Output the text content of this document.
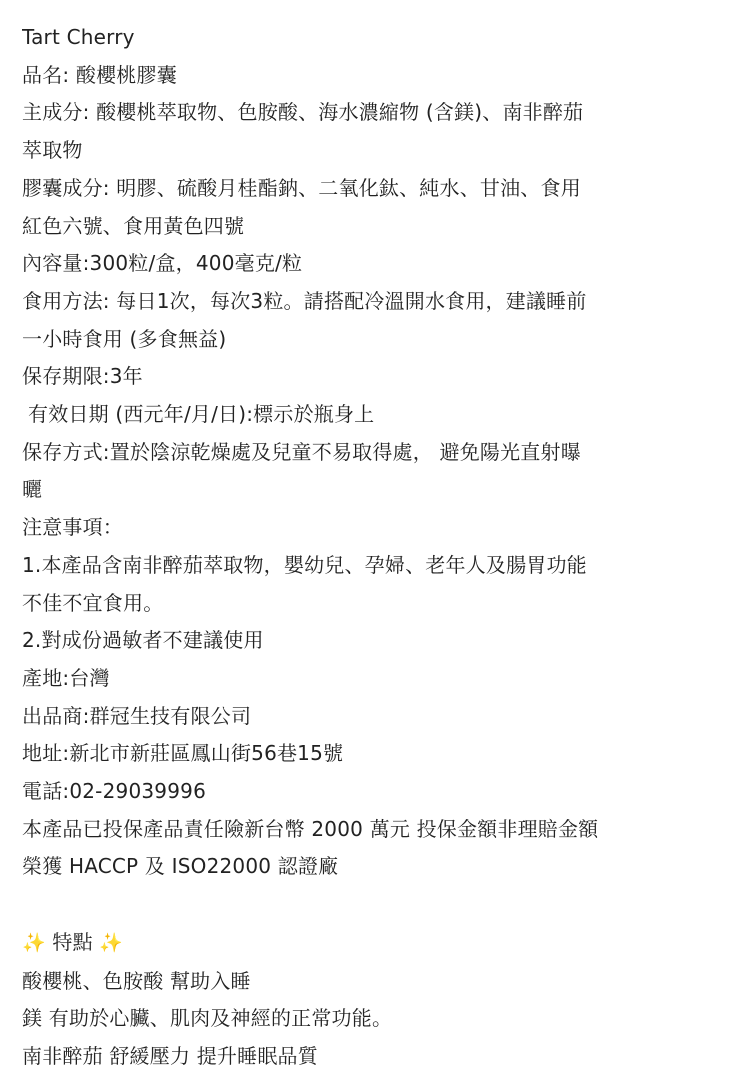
Tart Cherry
品名: 酸櫻桃膠囊
主成分: 酸櫻桃萃取物、色胺酸、海水濃縮物 (含鎂)、南非醉茄
萃取物
膠囊成分: 明膠、硫酸月桂酯鈉、二氧化鈦、純水、甘油、食用
紅色六號、食用黃色四號
內容量:300粒/盒，400毫克/粒
食用方法: 每日1次，每次3粒。請搭配冷溫開水食用，建議睡前
一小時食用 (多食無益)
保存期限:3年
有效日期 (西元年/月/日):標示於瓶身上
保存方式:置於陰涼乾燥處及兒童不易取得處， 避免陽光直射曝
曬
注意事項：
1.本產品含南非醉茄萃取物，嬰幼兒、孕婦、老年人及腸胃功能
不佳不宜食用。
2.對成份過敏者不建議使用
產地:台灣
出品商:群冠生技有限公司
地址:新北市新莊區鳳山街56巷15號
電話:02-29039996
本產品已投保產品責任險新台幣 2000 萬元 投保金額非理賠金額
榮獲 HACCP 及 ISO22000 認證廠
✨ 特點 ✨
酸櫻桃、色胺酸 幫助入睡
鎂 有助於心臟、肌肉及神經的正常功能。
南非醉茄 舒緩壓力 提升睡眠品質
